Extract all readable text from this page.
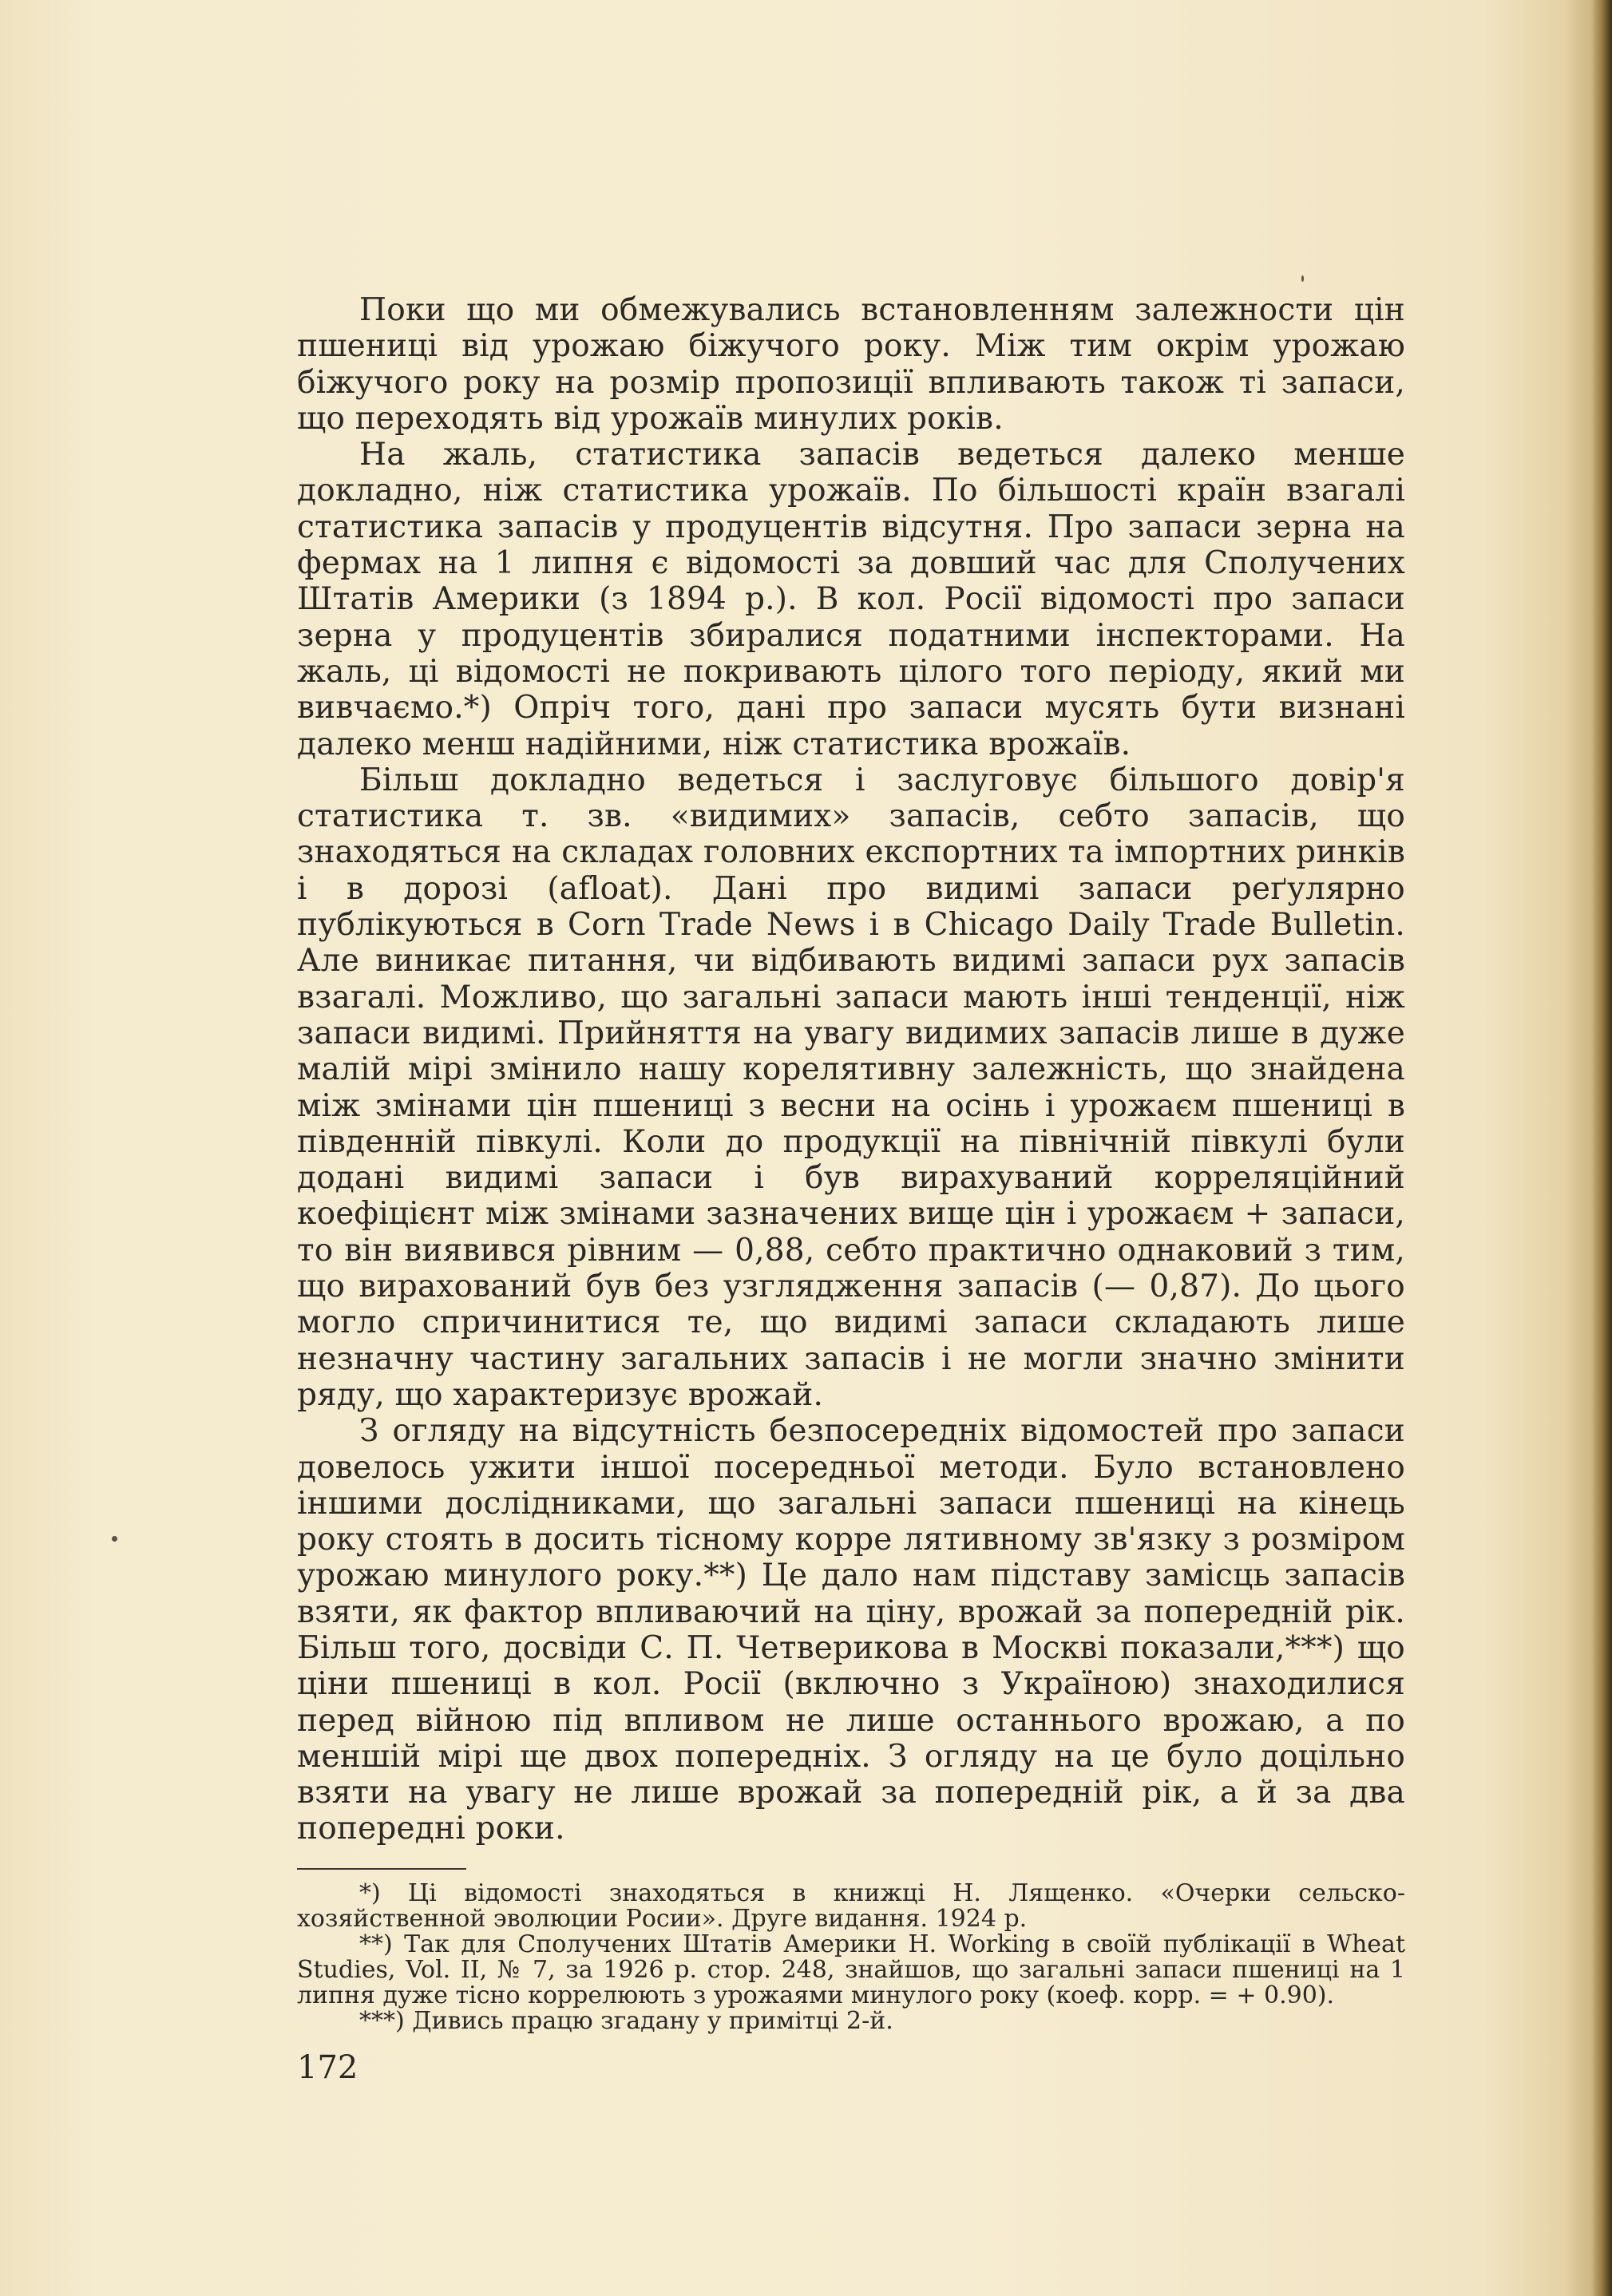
Поки що ми обмежувались встановленням залежности цін пшениці від урожаю біжучого року. Між тим окрім урожаю біжучого року на розмір пропозиції впливають також ті запаси, що переходять від урожаїв минулих років.

На жаль, статистика запасів ведеться далеко менше докладно, ніж статистика урожаїв. По більшості країн взагалі статистика запасів у продуцентів відсутня. Про запаси зерна на фермах на 1 липня є відомості за довший час для Сполучених Штатів Америки (з 1894 р.). В кол. Росії відомості про запаси зерна у продуцентів збиралися податними інспекторами. На жаль, ці відомості не покривають цілого того періоду, який ми вивчаємо.*) Опріч того, дані про запаси мусять бути визнані далеко менш надійними, ніж статистика врожаїв.

Більш докладно ведеться і заслуговує більшого довір'я статистика т. зв. «видимих» запасів, себто запасів, що знаходяться на складах головних експортних та імпортних ринків і в дорозі (afloat). Дані про видимі запаси реґулярно публікуються в Corn Trade News і в Chicago Daily Trade Bulletin. Але виникає питання, чи відбивають видимі запаси рух запасів взагалі. Можливо, що загальні запаси мають інші тенденції, ніж запаси видимі. Прийняття на увагу видимих запасів лише в дуже малій мірі змінило нашу корелятивну залежність, що знайдена між змінами цін пшениці з весни на осінь і урожаєм пшениці в південній півкулі. Коли до продукції на північній півкулі були додані видимі запаси і був вирахуваний корреляційний коефіцієнт між змінами зазначених вище цін і урожаєм + запаси, то він виявився рівним — 0,88, себто практично однаковий з тим, що вирахований був без узглядження запасів (— 0,87). До цього могло спричинитися те, що видимі запаси складають лише незначну частину загальних запасів і не могли значно змінити ряду, що характеризує врожай.

З огляду на відсутність безпосередніх відомостей про запаси довелось ужити іншої посередньої методи. Було встановлено іншими дослідниками, що загальні запаси пшениці на кінець року стоять в досить тісному корре лятивному зв'язку з розміром урожаю минулого року.**) Це дало нам підставу замісць запасів взяти, як фактор впливаючий на ціну, врожай за попередній рік. Більш того, досвіди С. П. Четверикова в Москві показали,***) що ціни пшениці в кол. Росії (включно з Україною) знаходилися перед війною під впливом не лише останнього врожаю, а по меншій мірі ще двох попередніх. З огляду на це було доцільно взяти на увагу не лише врожай за попередній рік, а й за два попередні роки.

*) Ці відомості знаходяться в книжці Н. Лященко. «Очерки сельско-хозяйственной эволюции Росии». Друге видання. 1924 р.

**) Так для Сполучених Штатів Америки H. Working в своїй публікації в Wheat Studies, Vol. II, № 7, за 1926 р. стор. 248, знайшов, що загальні запаси пшениці на 1 липня дуже тісно коррелюють з урожаями минулого року (коеф. корр. = + 0.90).

***) Дивись працю згадану у примітці 2-й.

172
